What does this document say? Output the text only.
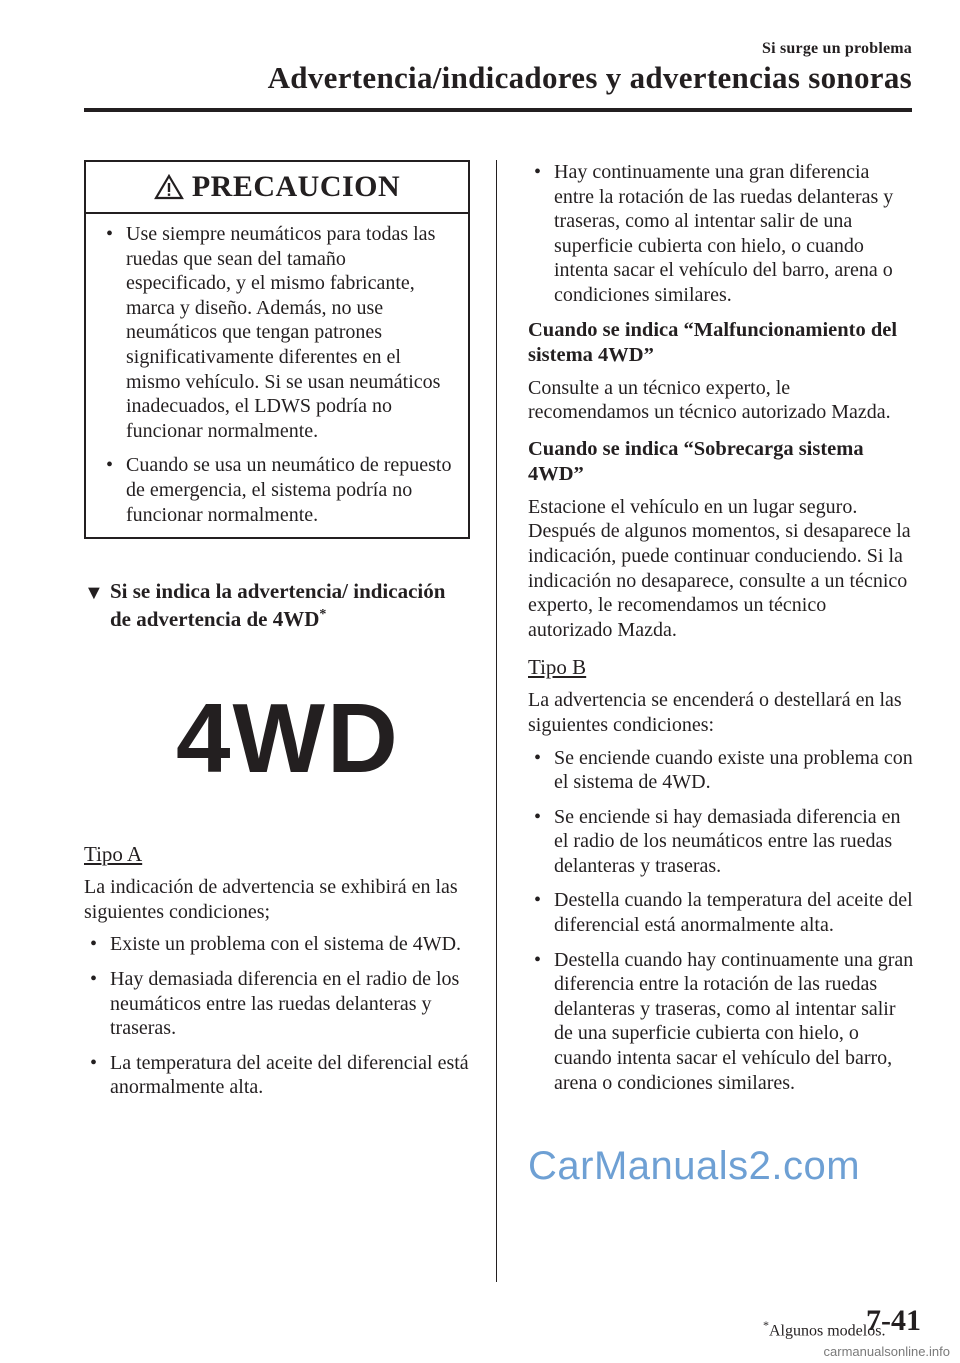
Si surge un problema
Advertencia/indicadores y advertencias sonoras
PRECAUCION

• Use siempre neumáticos para todas las ruedas que sean del tamaño especificado, y el mismo fabricante, marca y diseño. Además, no use neumáticos que tengan patrones significativamente diferentes en el mismo vehículo. Si se usan neumáticos inadecuados, el LDWS podría no funcionar normalmente.

• Cuando se usa un neumático de repuesto de emergencia, el sistema podría no funcionar normalmente.

▼ Si se indica la advertencia/ indicación de advertencia de 4WD*
4WD

Tipo A

La indicación de advertencia se exhibirá en las siguientes condiciones;

• Existe un problema con el sistema de 4WD.

• Hay demasiada diferencia en el radio de los neumáticos entre las ruedas delanteras y traseras.

• La temperatura del aceite del diferencial está anormalmente alta.

• Hay continuamente una gran diferencia entre la rotación de las ruedas delanteras y traseras, como al intentar salir de una superficie cubierta con hielo, o cuando intenta sacar el vehículo del barro, arena o condiciones similares.

Cuando se indica “Malfuncionamiento del sistema 4WD”

Consulte a un técnico experto, le recomendamos un técnico autorizado Mazda.

Cuando se indica “Sobrecarga sistema 4WD”

Estacione el vehículo en un lugar seguro. Después de algunos momentos, si desaparece la indicación, puede continuar conduciendo. Si la indicación no desaparece, consulte a un técnico experto, le recomendamos un técnico autorizado Mazda.

Tipo B

La advertencia se encenderá o destellará en las siguientes condiciones:

• Se enciende cuando existe una problema con el sistema de 4WD.

• Se enciende si hay demasiada diferencia en el radio de los neumáticos entre las ruedas delanteras y traseras.

• Destella cuando la temperatura del aceite del diferencial está anormalmente alta.

• Destella cuando hay continuamente una gran diferencia entre la rotación de las ruedas delanteras y traseras, como al intentar salir de una superficie cubierta con hielo, o cuando intenta sacar el vehículo del barro, arena o condiciones similares.

CarManuals2.com
*Algunos modelos.
7-41
carmanualsonline.info
